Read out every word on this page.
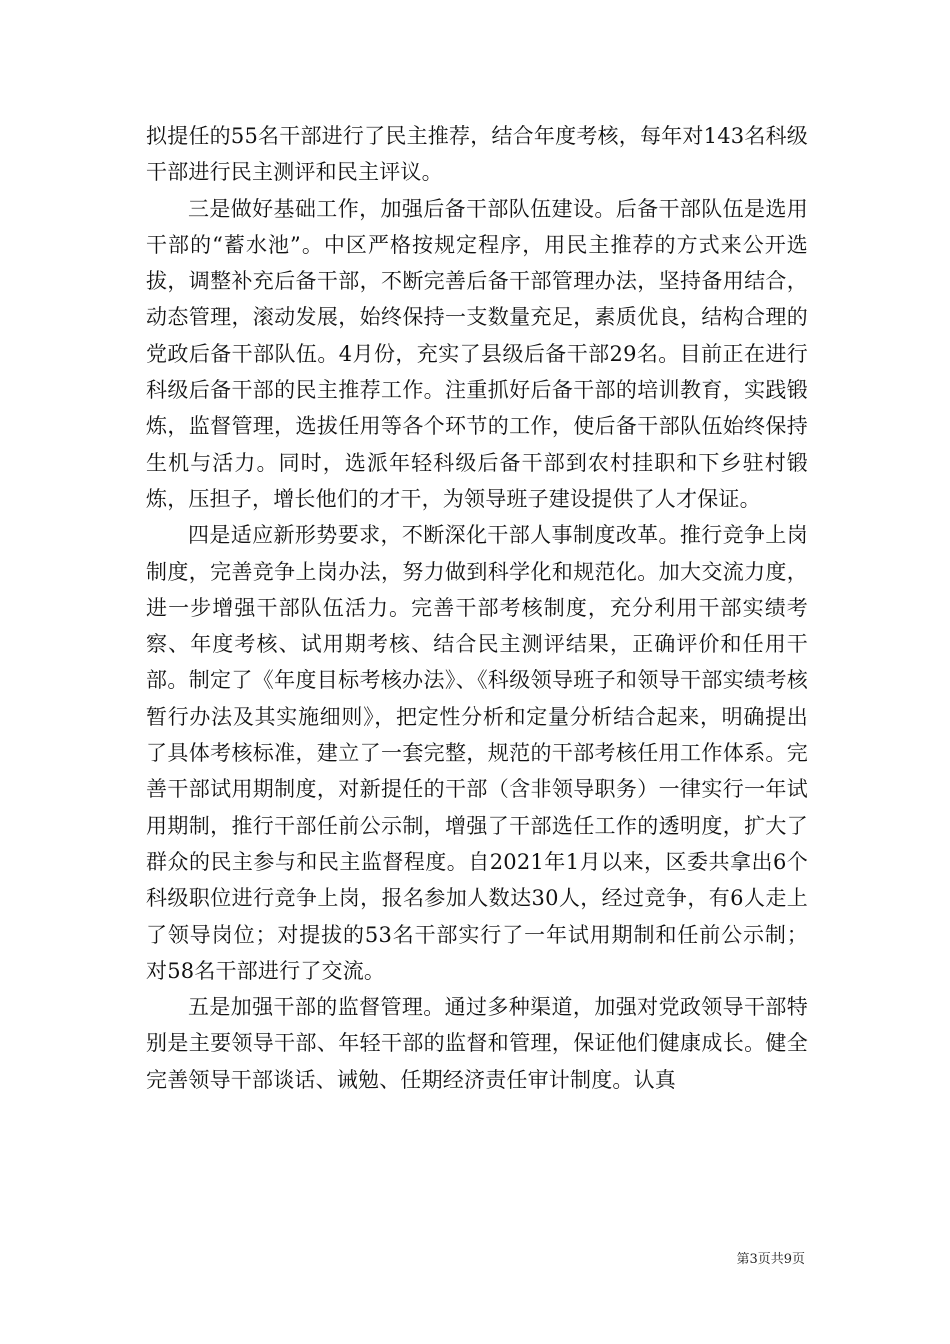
拟提任的55名干部进行了民主推荐，结合年度考核，每年对143名科级干部进行民主测评和民主评议。

三是做好基础工作，加强后备干部队伍建设。后备干部队伍是选用干部的“蓄水池”。中区严格按规定程序，用民主推荐的方式来公开选拔，调整补充后备干部，不断完善后备干部管理办法，坚持备用结合，动态管理，滚动发展，始终保持一支数量充足，素质优良，结构合理的党政后备干部队伍。4月份，充实了县级后备干部29名。目前正在进行科级后备干部的民主推荐工作。注重抓好后备干部的培训教育，实践锻炼，监督管理，选拔任用等各个环节的工作，使后备干部队伍始终保持生机与活力。同时，选派年轻科级后备干部到农村挂职和下乡驻村锻炼，压担子，增长他们的才干，为领导班子建设提供了人才保证。

四是适应新形势要求，不断深化干部人事制度改革。推行竞争上岗制度，完善竞争上岗办法，努力做到科学化和规范化。加大交流力度，进一步增强干部队伍活力。完善干部考核制度，充分利用干部实绩考察、年度考核、试用期考核、结合民主测评结果，正确评价和任用干部。制定了《年度目标考核办法》、《科级领导班子和领导干部实绩考核暂行办法及其实施细则》，把定性分析和定量分析结合起来，明确提出了具体考核标准，建立了一套完整，规范的干部考核任用工作体系。完善干部试用期制度，对新提任的干部（含非领导职务）一律实行一年试用期制，推行干部任前公示制，增强了干部选任工作的透明度，扩大了群众的民主参与和民主监督程度。自2021年1月以来，区委共拿出6个科级职位进行竞争上岗，报名参加人数达30人，经过竞争，有6人走上了领导岗位；对提拔的53名干部实行了一年试用期制和任前公示制；对58名干部进行了交流。

五是加强干部的监督管理。通过多种渠道，加强对党政领导干部特别是主要领导干部、年轻干部的监督和管理，保证他们健康成长。健全完善领导干部谈话、诫勉、任期经济责任审计制度。认真

第3页共9页
